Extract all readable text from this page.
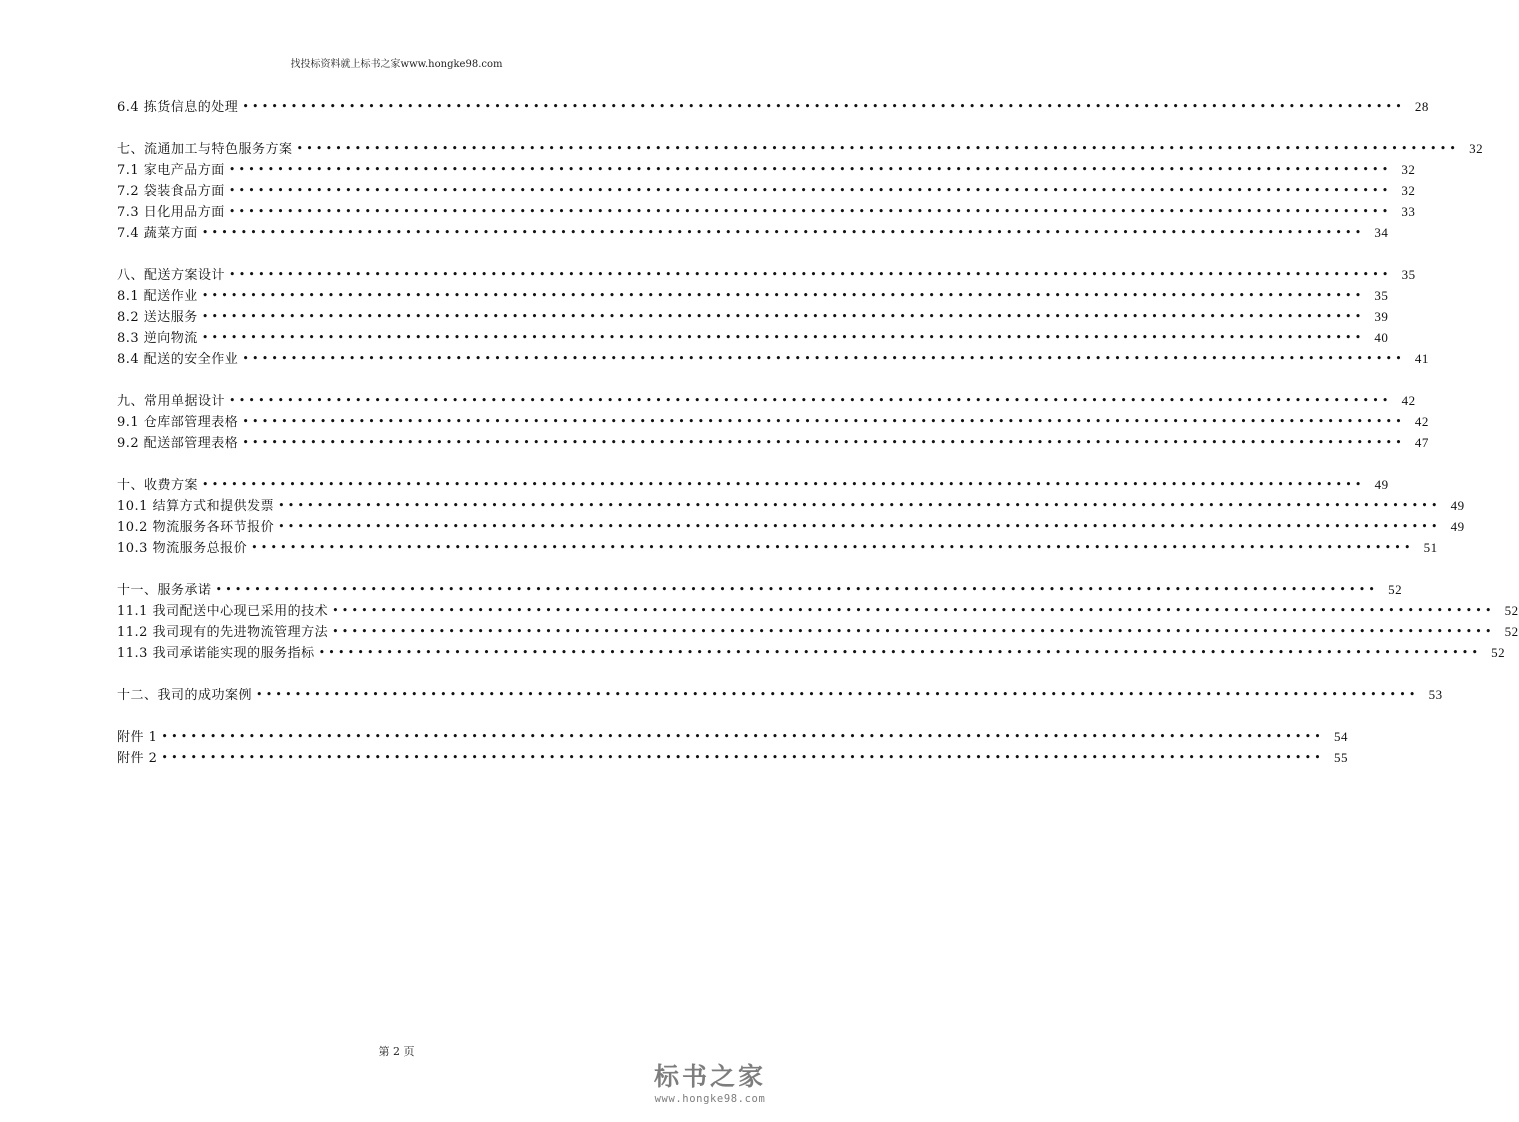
找投标资料就上标书之家www.hongke98.com
6.4 拣货信息的处理 •••••••••••••••••••••••••••••••••••••••••••••••••••••••••••••••••••••••••••••••••••••••••••••••••••••••••••••••••••••••• 28
七、流通加工与特色服务方案 •••••••••••••••••••••••••••••••••••••••••••••••••••••••••••••••••••••••••••••••••••••••••••••••••••••••••••••••••••••••• 32
7.1 家电产品方面 •••••••••••••••••••••••••••••••••••••••••••••••••••••••••••••••••••••••••••••••••••••••••••••••••••••••••••••••••••••••• 32
7.2 袋装食品方面 •••••••••••••••••••••••••••••••••••••••••••••••••••••••••••••••••••••••••••••••••••••••••••••••••••••••••••••••••••••••• 32
7.3 日化用品方面 •••••••••••••••••••••••••••••••••••••••••••••••••••••••••••••••••••••••••••••••••••••••••••••••••••••••••••••••••••••••• 33
7.4 蔬菜方面 •••••••••••••••••••••••••••••••••••••••••••••••••••••••••••••••••••••••••••••••••••••••••••••••••••••••••••••••••••••••• 34
八、配送方案设计 •••••••••••••••••••••••••••••••••••••••••••••••••••••••••••••••••••••••••••••••••••••••••••••••••••••••••••••••••••••••• 35
8.1 配送作业 •••••••••••••••••••••••••••••••••••••••••••••••••••••••••••••••••••••••••••••••••••••••••••••••••••••••••••••••••••••••• 35
8.2 送达服务 •••••••••••••••••••••••••••••••••••••••••••••••••••••••••••••••••••••••••••••••••••••••••••••••••••••••••••••••••••••••• 39
8.3 逆向物流 •••••••••••••••••••••••••••••••••••••••••••••••••••••••••••••••••••••••••••••••••••••••••••••••••••••••••••••••••••••••• 40
8.4 配送的安全作业 •••••••••••••••••••••••••••••••••••••••••••••••••••••••••••••••••••••••••••••••••••••••••••••••••••••••••••••••••••••••• 41
九、常用单据设计 •••••••••••••••••••••••••••••••••••••••••••••••••••••••••••••••••••••••••••••••••••••••••••••••••••••••••••••••••••••••• 42
9.1 仓库部管理表格 •••••••••••••••••••••••••••••••••••••••••••••••••••••••••••••••••••••••••••••••••••••••••••••••••••••••••••••••••••••••• 42
9.2 配送部管理表格 •••••••••••••••••••••••••••••••••••••••••••••••••••••••••••••••••••••••••••••••••••••••••••••••••••••••••••••••••••••••• 47
十、收费方案 •••••••••••••••••••••••••••••••••••••••••••••••••••••••••••••••••••••••••••••••••••••••••••••••••••••••••••••••••••••••• 49
10.1 结算方式和提供发票 •••••••••••••••••••••••••••••••••••••••••••••••••••••••••••••••••••••••••••••••••••••••••••••••••••••••••••••••••••••••• 49
10.2 物流服务各环节报价 •••••••••••••••••••••••••••••••••••••••••••••••••••••••••••••••••••••••••••••••••••••••••••••••••••••••••••••••••••••••• 49
10.3 物流服务总报价 •••••••••••••••••••••••••••••••••••••••••••••••••••••••••••••••••••••••••••••••••••••••••••••••••••••••••••••••••••••••• 51
十一、服务承诺 •••••••••••••••••••••••••••••••••••••••••••••••••••••••••••••••••••••••••••••••••••••••••••••••••••••••••••••••••••••••• 52
11.1 我司配送中心现已采用的技术 •••••••••••••••••••••••••••••••••••••••••••••••••••••••••••••••••••••••••••••••••••••••••••••••••••••••••••••••••••••••• 52
11.2 我司现有的先进物流管理方法 •••••••••••••••••••••••••••••••••••••••••••••••••••••••••••••••••••••••••••••••••••••••••••••••••••••••••••••••••••••••• 52
11.3 我司承诺能实现的服务指标 •••••••••••••••••••••••••••••••••••••••••••••••••••••••••••••••••••••••••••••••••••••••••••••••••••••••••••••••••••••••• 52
十二、我司的成功案例 •••••••••••••••••••••••••••••••••••••••••••••••••••••••••••••••••••••••••••••••••••••••••••••••••••••••••••••••••••••••• 53
附件 1 •••••••••••••••••••••••••••••••••••••••••••••••••••••••••••••••••••••••••••••••••••••••••••••••••••••••••••••••••••••••• 54
附件 2 •••••••••••••••••••••••••••••••••••••••••••••••••••••••••••••••••••••••••••••••••••••••••••••••••••••••••••••••••••••••• 55
第 2 页
标书之家
www.hongke98.com
